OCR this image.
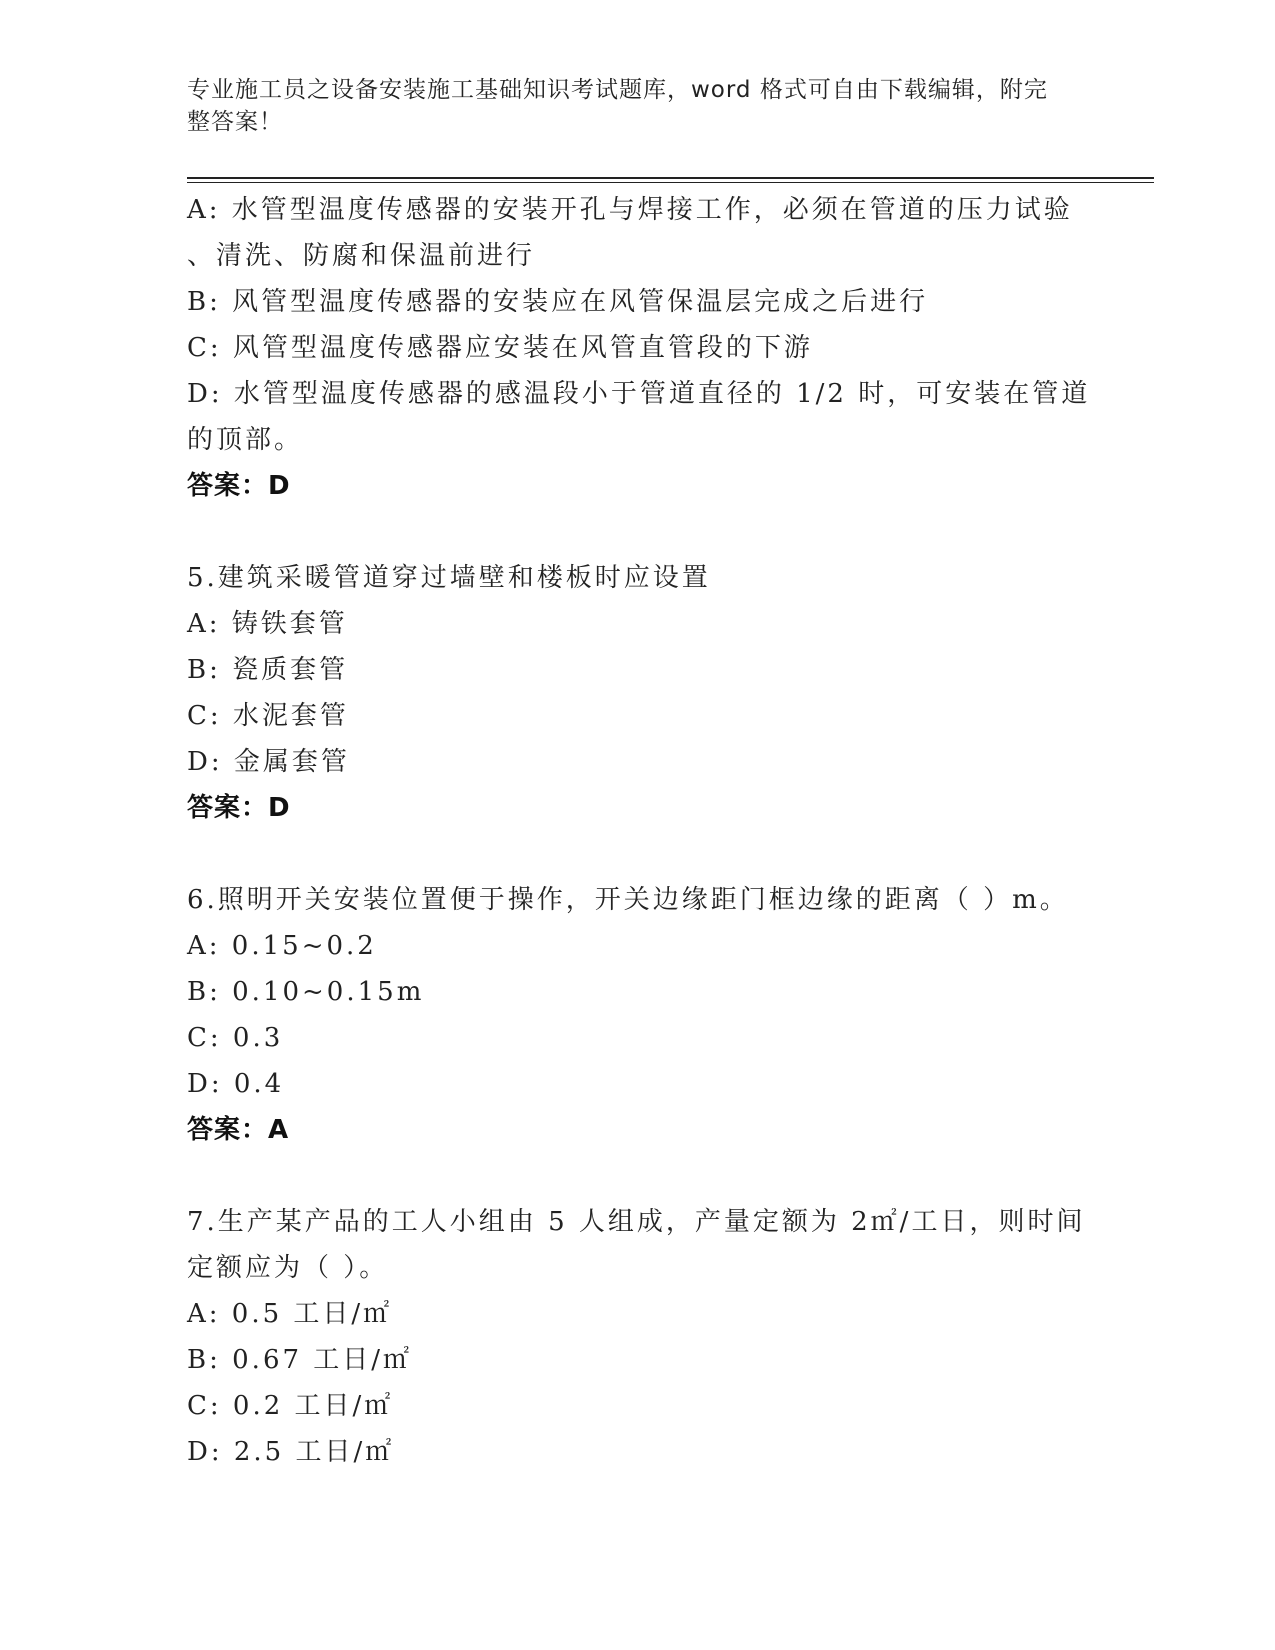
专业施工员之设备安装施工基础知识考试题库，word 格式可自由下载编辑，附完
整答案！
A: 水管型温度传感器的安装开孔与焊接工作，必须在管道的压力试验
、清洗、防腐和保温前进行
B: 风管型温度传感器的安装应在风管保温层完成之后进行
C: 风管型温度传感器应安装在风管直管段的下游
D: 水管型温度传感器的感温段小于管道直径的 1/2 时，可安装在管道
的顶部。
答案：D
5.建筑采暖管道穿过墙壁和楼板时应设置
A: 铸铁套管
B: 瓷质套管
C: 水泥套管
D: 金属套管
答案：D
6.照明开关安装位置便于操作，开关边缘距门框边缘的距离（ ）m。
A: 0.15~0.2
B: 0.10~0.15m
C: 0.3
D: 0.4
答案：A
7.生产某产品的工人小组由 5 人组成，产量定额为 2㎡/工日，则时间
定额应为（ ）。
A: 0.5 工日/㎡
B: 0.67 工日/㎡
C: 0.2 工日/㎡
D: 2.5 工日/㎡
